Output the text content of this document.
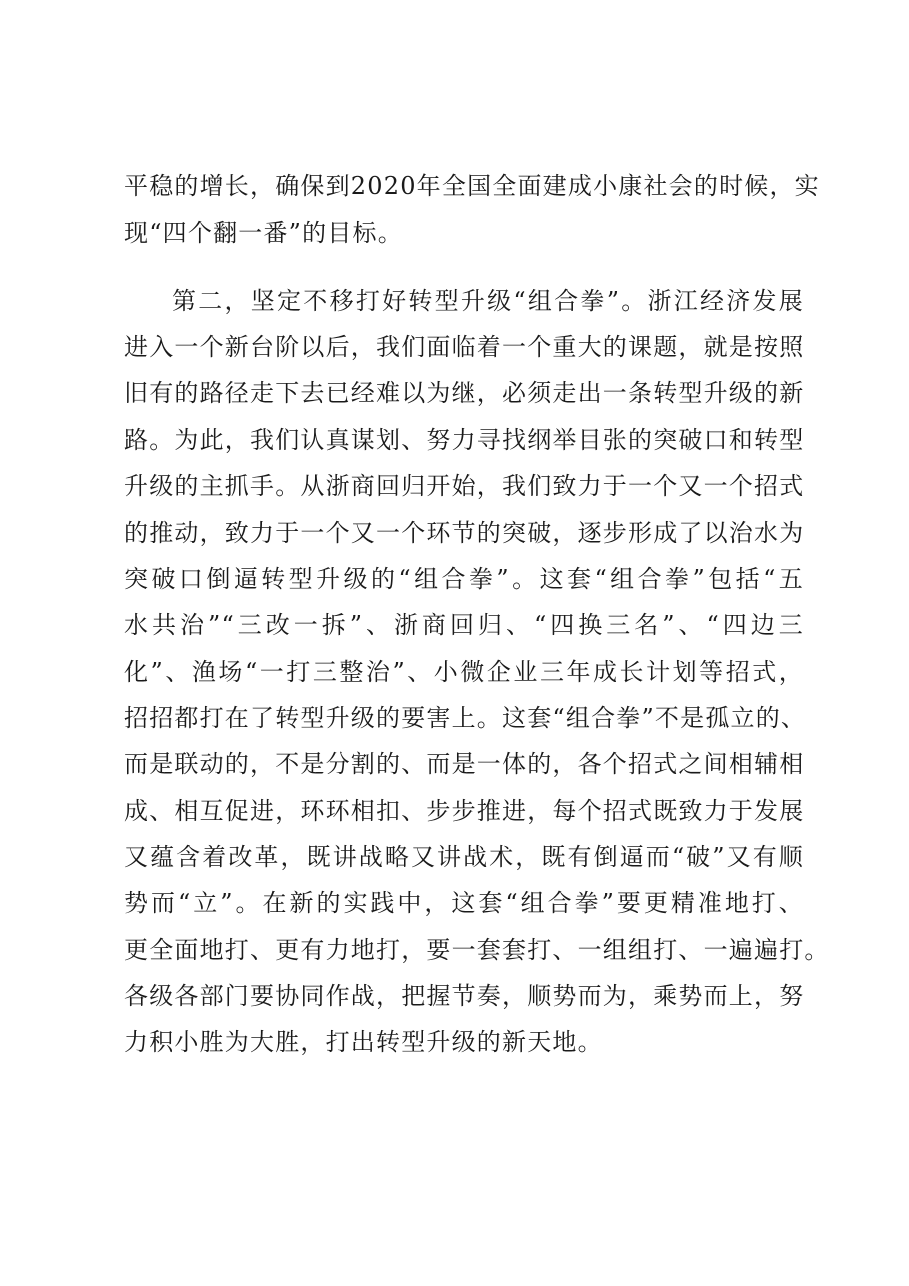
平稳的增长，确保到2020年全国全面建成小康社会的时候，实
现“四个翻一番”的目标。
第二，坚定不移打好转型升级“组合拳”。浙江经济发展
进入一个新台阶以后，我们面临着一个重大的课题，就是按照
旧有的路径走下去已经难以为继，必须走出一条转型升级的新
路。为此，我们认真谋划、努力寻找纲举目张的突破口和转型
升级的主抓手。从浙商回归开始，我们致力于一个又一个招式
的推动，致力于一个又一个环节的突破，逐步形成了以治水为
突破口倒逼转型升级的“组合拳”。这套“组合拳”包括“五
水共治”“三改一拆”、浙商回归、“四换三名”、“四边三
化”、渔场“一打三整治”、小微企业三年成长计划等招式，
招招都打在了转型升级的要害上。这套“组合拳”不是孤立的、
而是联动的，不是分割的、而是一体的，各个招式之间相辅相
成、相互促进，环环相扣、步步推进，每个招式既致力于发展
又蕴含着改革，既讲战略又讲战术，既有倒逼而“破”又有顺
势而“立”。在新的实践中，这套“组合拳”要更精准地打、
更全面地打、更有力地打，要一套套打、一组组打、一遍遍打。
各级各部门要协同作战，把握节奏，顺势而为，乘势而上，努
力积小胜为大胜，打出转型升级的新天地。
